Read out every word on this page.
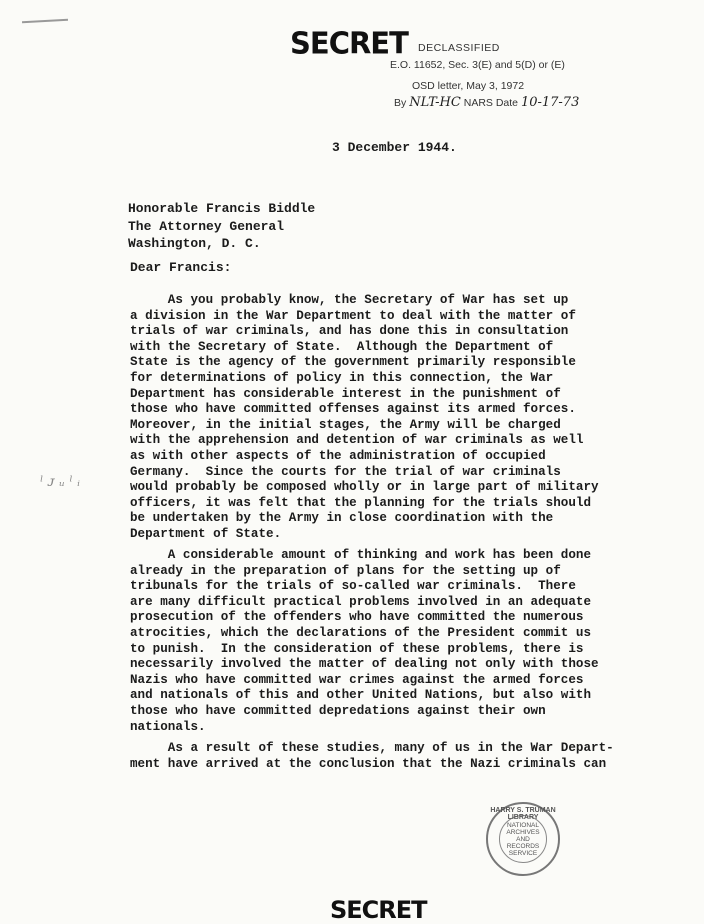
SECRET DECLASSIFIED
E.O. 11652, Sec. 3(E) and 5(D) or (E)
OSD letter, May 3, 1972
By NLT-HC NARS Date 10-17-73
3 December 1944.
Honorable Francis Biddle
The Attorney General
Washington, D. C.
Dear Francis:
As you probably know, the Secretary of War has set up
a division in the War Department to deal with the matter of
trials of war criminals, and has done this in consultation
with the Secretary of State.  Although the Department of
State is the agency of the government primarily responsible
for determinations of policy in this connection, the War
Department has considerable interest in the punishment of
those who have committed offenses against its armed forces.
Moreover, in the initial stages, the Army will be charged
with the apprehension and detention of war criminals as well
as with other aspects of the administration of occupied
Germany.  Since the courts for the trial of war criminals
would probably be composed wholly or in large part of military
officers, it was felt that the planning for the trials should
be undertaken by the Army in close coordination with the
Department of State.
A considerable amount of thinking and work has been done
already in the preparation of plans for the setting up of
tribunals for the trials of so-called war criminals.  There
are many difficult practical problems involved in an adequate
prosecution of the offenders who have committed the numerous
atrocities, which the declarations of the President commit us
to punish.  In the consideration of these problems, there is
necessarily involved the matter of dealing not only with those
Nazis who have committed war crimes against the armed forces
and nationals of this and other United Nations, but also with
those who have committed depredations against their own
nationals.
As a result of these studies, many of us in the War Depart-
ment have arrived at the conclusion that the Nazi criminals can
ˡ ᴊ ᵤ ˡ ᵢ
HARRY S. TRUMAN LIBRARY
NATIONAL
ARCHIVES AND
RECORDS
SERVICE
SECRET
